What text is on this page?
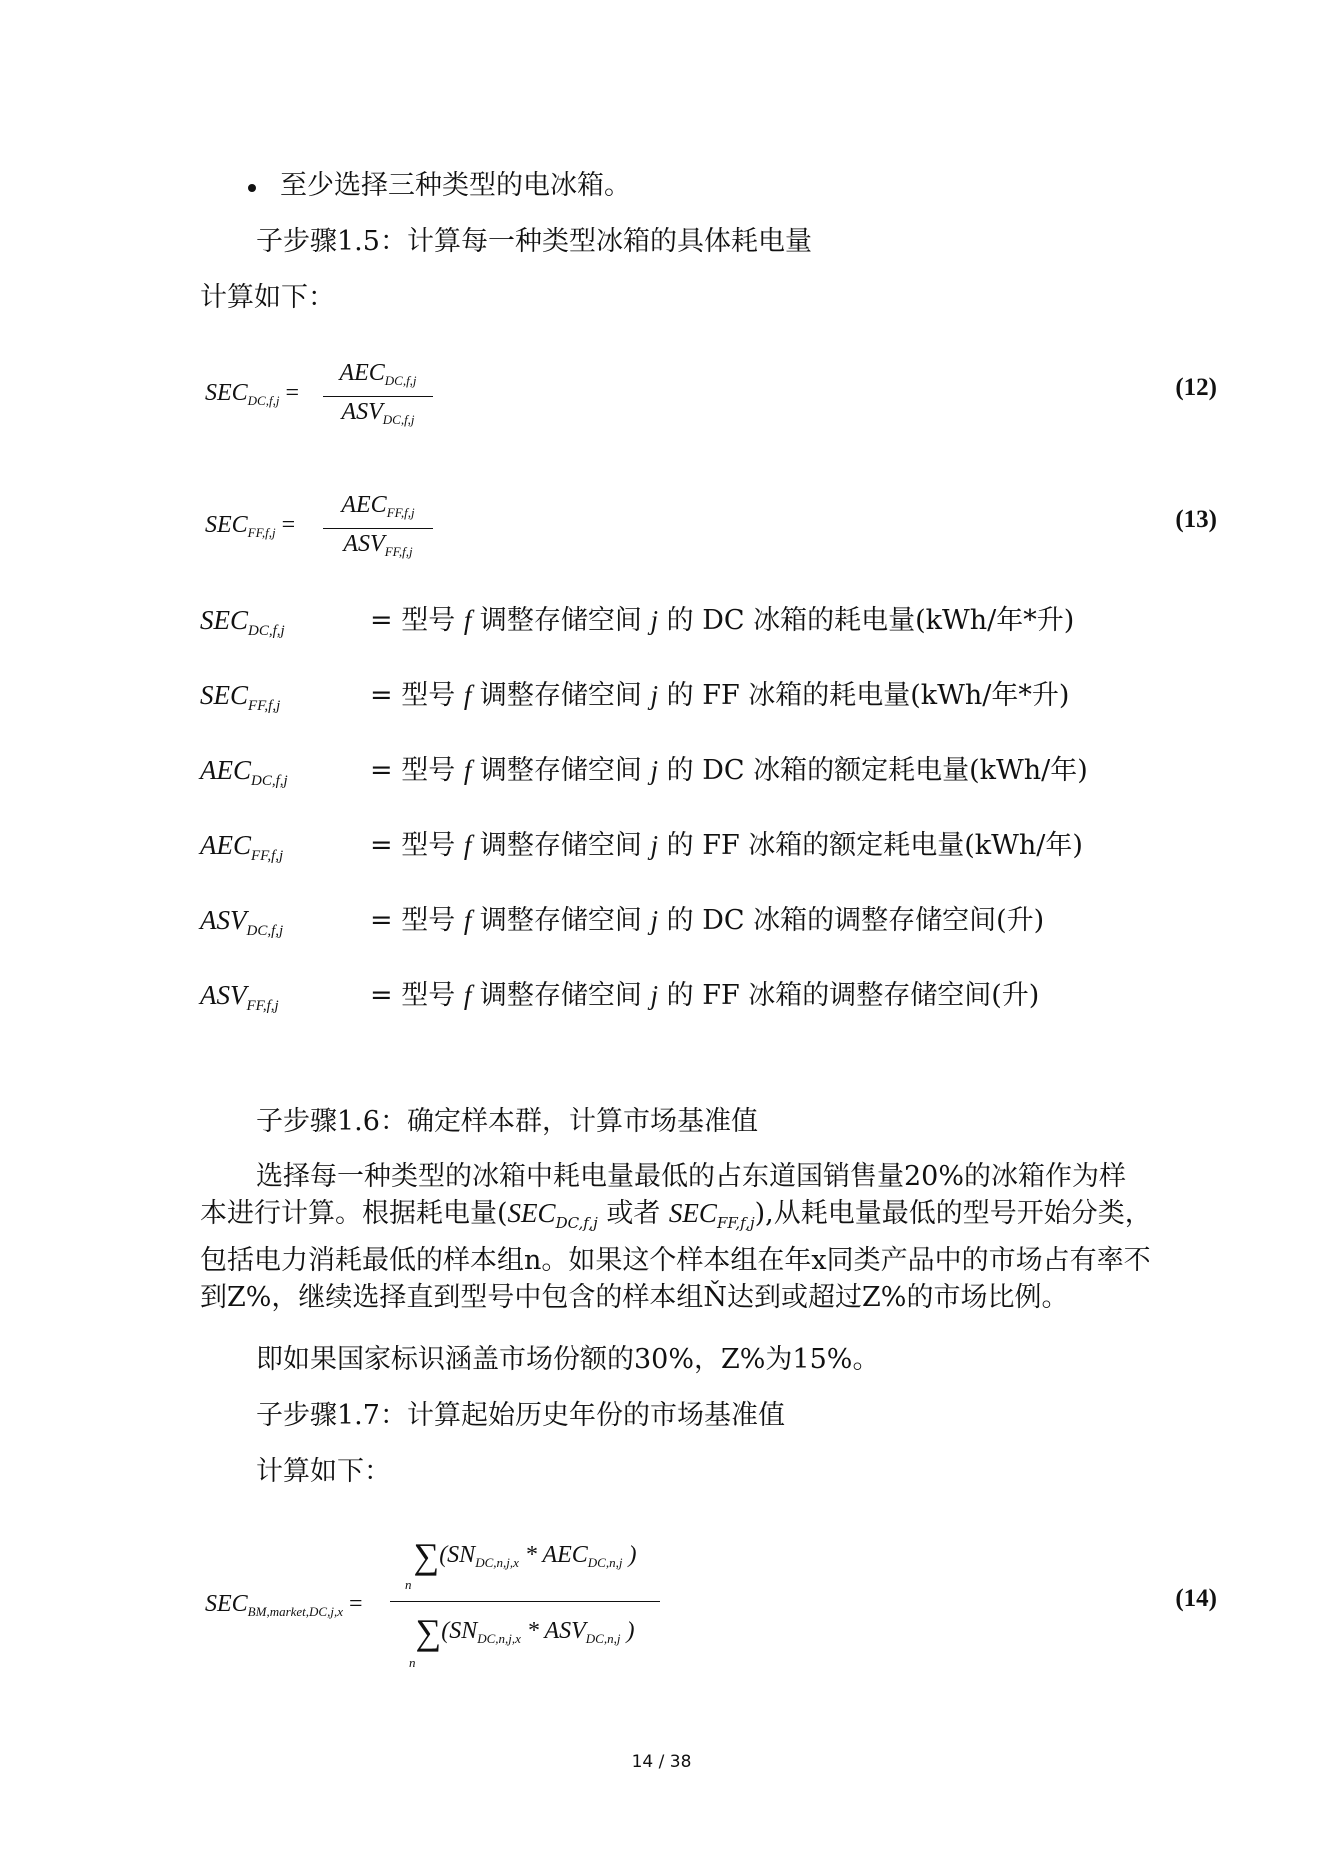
至少选择三种类型的电冰箱。
子步骤1.5：计算每一种类型冰箱的具体耗电量
计算如下：
$SEC_{DC,f,j}$ =
$AEC_{DC,f,j}$
$ASV_{DC,f,j}$
(12)
$SEC_{FF,f,j}$ =
$AEC_{FF,f,j}$
$ASV_{FF,f,j}$
(13)
$SEC_{DC,f,j}$	= 型号 f 调整存储空间 j 的 DC 冰箱的耗电量(kWh/年*升)
$SEC_{FF,f,j}$	= 型号 f 调整存储空间 j 的 FF 冰箱的耗电量(kWh/年*升)
$AEC_{DC,f,j}$	= 型号 f 调整存储空间 j 的 DC 冰箱的额定耗电量(kWh/年)
$AEC_{FF,f,j}$	= 型号 f 调整存储空间 j 的 FF 冰箱的额定耗电量(kWh/年)
$ASV_{DC,f,j}$	= 型号 f 调整存储空间 j 的 DC 冰箱的调整存储空间(升)
$ASV_{FF,f,j}$	= 型号 f 调整存储空间 j 的 FF 冰箱的调整存储空间(升)
子步骤1.6：确定样本群，计算市场基准值
选择每一种类型的冰箱中耗电量最低的占东道国销售量20%的冰箱作为样
本进行计算。根据耗电量($SEC_{DC,f,j}$ 或者 $SEC_{FF,f,j}$),从耗电量最低的型号开始分类，
包括电力消耗最低的样本组n。如果这个样本组在年x同类产品中的市场占有率不
到Z%，继续选择直到型号中包含的样本组Ň达到或超过Z%的市场比例。
即如果国家标识涵盖市场份额的30%，Z%为15%。
子步骤1.7：计算起始历史年份的市场基准值
计算如下：
$SEC_{BM,market,DC,j,x}$ =
$\sum(SN_{DC,n,j,x} * AEC_{DC,n,j}$ )
n
$\sum(SN_{DC,n,j,x} * ASV_{DC,n,j}$ )
n
(14)
14 / 38
